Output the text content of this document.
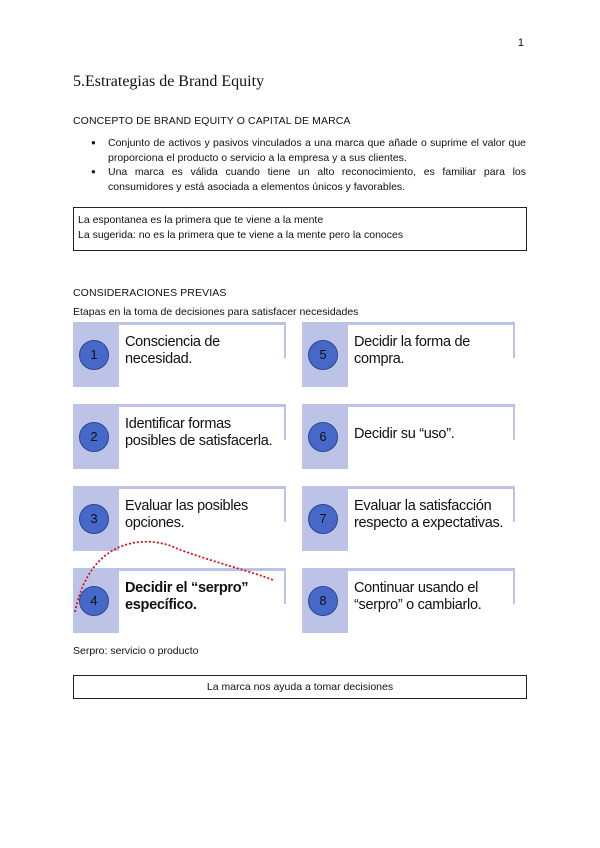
1
5.Estrategias de Brand Equity
CONCEPTO DE BRAND EQUITY O CAPITAL DE MARCA
● Conjunto de activos y pasivos vinculados a una marca que añade o suprime el valor que proporciona el producto o servicio a la empresa y a sus clientes.
● Una marca es válida cuando tiene un alto reconocimiento, es familiar para los consumidores y está asociada a elementos únicos y favorables.
La espontanea es la primera que te viene a la mente
La sugerida: no es la primera que te viene a la mente pero la conoces
CONSIDERACIONES PREVIAS
Etapas en la toma de decisiones para satisfacer necesidades
1
Consciencia de necesidad.
2
Identificar formas posibles de satisfacerla.
3
Evaluar las posibles opciones.
4
Decidir el “serpro” específico.
5
Decidir la forma de compra.
6	Decidir su “uso”.
7
Evaluar la satisfacción respecto a expectativas.
8
Continuar usando el “serpro” o cambiarlo.
Serpro: servicio o producto
La marca nos ayuda a tomar decisiones
